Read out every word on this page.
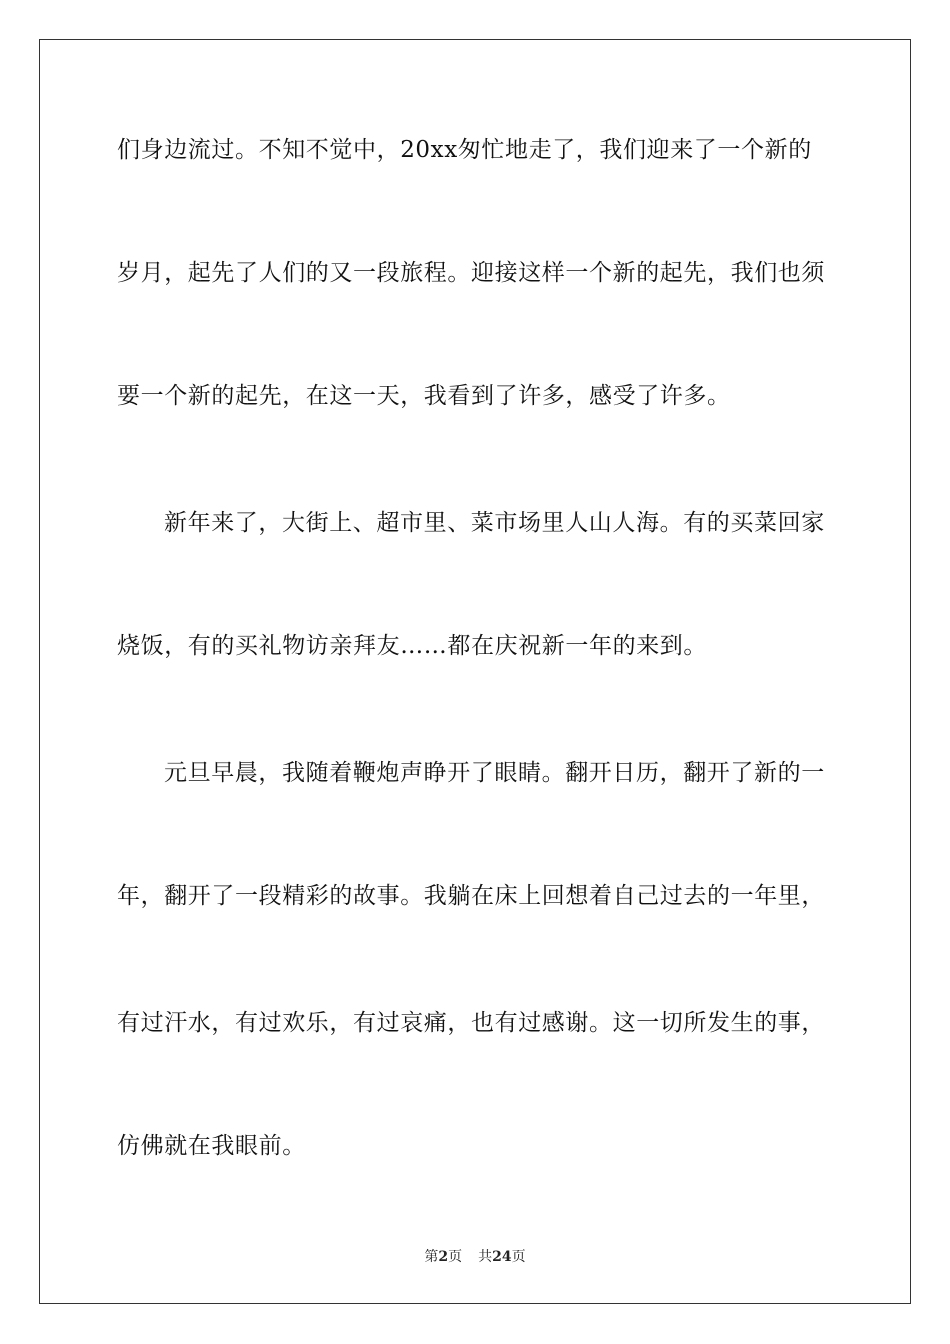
们身边流过。不知不觉中，20xx匆忙地走了，我们迎来了一个新的
岁月，起先了人们的又一段旅程。迎接这样一个新的起先，我们也须
要一个新的起先，在这一天，我看到了许多，感受了许多。
新年来了，大街上、超市里、菜市场里人山人海。有的买菜回家
烧饭，有的买礼物访亲拜友……都在庆祝新一年的来到。
元旦早晨，我随着鞭炮声睁开了眼睛。翻开日历，翻开了新的一
年，翻开了一段精彩的故事。我躺在床上回想着自己过去的一年里，
有过汗水，有过欢乐，有过哀痛，也有过感谢。这一切所发生的事，
仿佛就在我眼前。
第2页 共24页
